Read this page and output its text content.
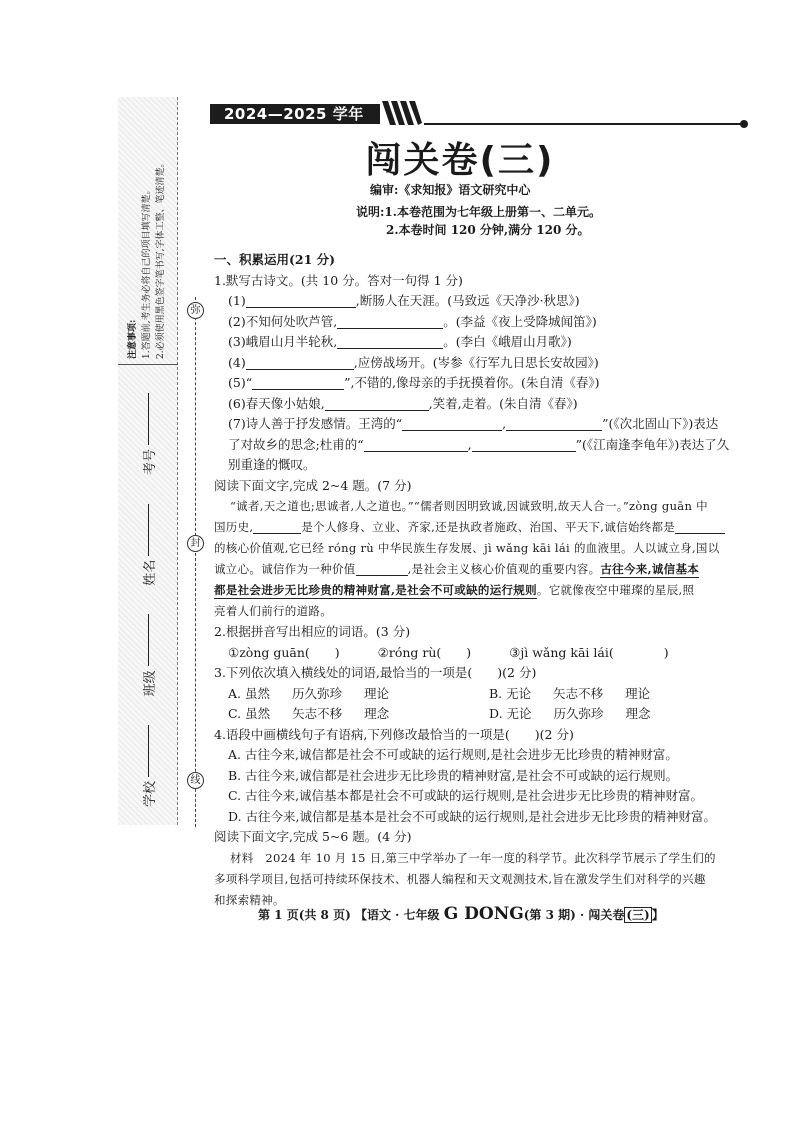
注意事项: 1.答题前,考生务必将自己的项目填写清楚。 2.必须使用黑色签字笔书写,字体工整、笔迹清楚。
学校
班级
姓名
考号
弥
封
线
2024—2025 学年
闯关卷(三)
编审:《求知报》语文研究中心
说明:1.本卷范围为七年级上册第一、二单元。
2.本卷时间 120 分钟,满分 120 分。
一、积累运用(21 分)
1.默写古诗文。(共 10 分。答对一句得 1 分)
(1)	,断肠人在天涯。(马致远《天净沙·秋思》)
(2)不知何处吹芦管,	。(李益《夜上受降城闻笛》)
(3)峨眉山月半轮秋,	。(李白《峨眉山月歌》)
(4)	,应傍战场开。(岑参《行军九日思长安故园》)
(5)“	”,不错的,像母亲的手抚摸着你。(朱自清《春》)
(6)春天像小姑娘,	,笑着,走着。(朱自清《春》)
(7)诗人善于抒发感情。王湾的“	,	”(《次北固山下》)表达
了对故乡的思念;杜甫的“	,	”(《江南逢李龟年》)表达了久
别重逢的慨叹。
阅读下面文字,完成 2~4 题。(7 分)
“诚者,天之道也;思诚者,人之道也。”“儒者则因明致诚,因诚致明,故天人合一。”zòng guān 中
国历史,	是个人修身、立业、齐家,还是执政者施政、治国、平天下,诚信始终都是
的核心价值观,它已经 róng rù 中华民族生存发展、jì wǎng kāi lái 的血液里。人以诚立身,国以
诚立心。诚信作为一种价值	,是社会主义核心价值观的重要内容。古往今来,诚信基本
都是社会进步无比珍贵的精神财富,是社会不可或缺的运行规则。它就像夜空中璀璨的星辰,照
亮着人们前行的道路。
2.根据拼音写出相应的词语。(3 分)
①zòng guān(　　)	②róng rù(　　)	③jì wǎng kāi lái(　　　　)
3.下列依次填入横线处的词语,最恰当的一项是(　　)(2 分)
A. 虽然 历久弥珍 理论	B. 无论 矢志不移 理论
C. 虽然 矢志不移 理念	D. 无论 历久弥珍 理念
4.语段中画横线句子有语病,下列修改最恰当的一项是(　　)(2 分)
A. 古往今来,诚信都是社会不可或缺的运行规则,是社会进步无比珍贵的精神财富。
B. 古往今来,诚信都是社会进步无比珍贵的精神财富,是社会不可或缺的运行规则。
C. 古往今来,诚信基本都是社会不可或缺的运行规则,是社会进步无比珍贵的精神财富。
D. 古往今来,诚信都是基本是社会不可或缺的运行规则,是社会进步无比珍贵的精神财富。
阅读下面文字,完成 5~6 题。(4 分)
材料　2024 年 10 月 15 日,第三中学举办了一年一度的科学节。此次科学节展示了学生们的
多项科学项目,包括可持续环保技术、机器人编程和天文观测技术,旨在激发学生们对科学的兴趣
和探索精神。
第 1 页(共 8 页) 【语文 · 七年级 G DONG(第 3 期) · 闯关卷 (三) 】
